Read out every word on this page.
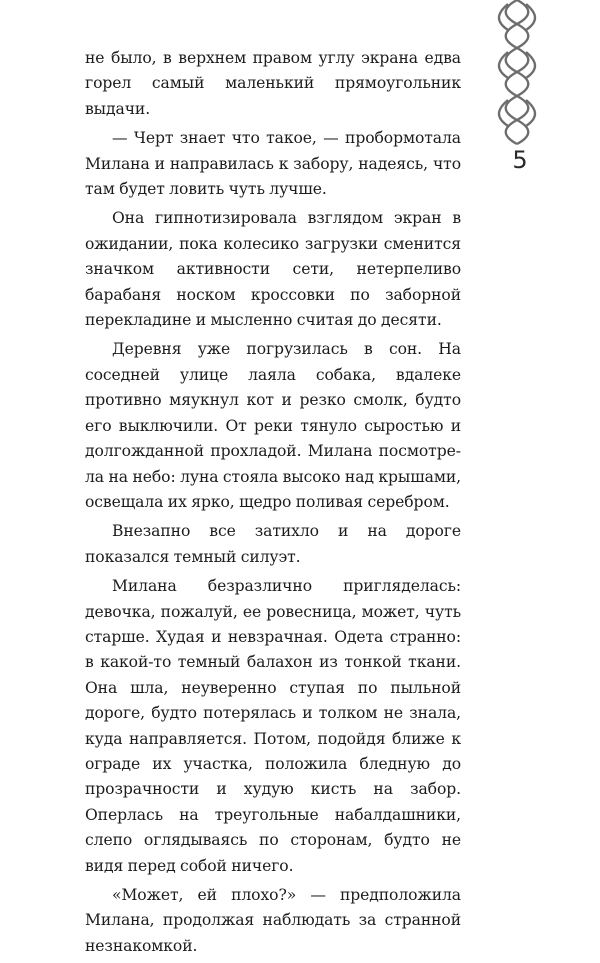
5

не было, в верхнем правом углу экрана едва горел самый маленький прямоугольник выдачи.

— Черт знает что такое, — пробормотала Милана и направилась к забору, надеясь, что там будет ловить чуть лучше.

Она гипнотизировала взглядом экран в ожидании, пока колесико загрузки сменится значком активности сети, нетерпеливо барабаня носком кроссовки по заборной перекладине и мысленно считая до десяти.

Деревня уже погрузилась в сон. На соседней улице лаяла собака, вдалеке противно мяукнул кот и резко смолк, будто его выключили. От реки тянуло сыростью и долгожданной прохладой. Милана посмотрела на небо: луна стояла высоко над крышами, освещала их ярко, щедро поливая серебром.

Внезапно все затихло и на дороге показался темный силуэт.

Милана безразлично пригляделась: девочка, пожалуй, ее ровесница, может, чуть старше. Худая и невзрачная. Одета странно: в какой-то темный балахон из тонкой ткани. Она шла, неуверенно ступая по пыльной дороге, будто потерялась и толком не знала, куда направляется. Потом, подойдя ближе к ограде их участка, положила бледную до прозрачности и худую кисть на забор. Оперлась на треугольные набалдашники, слепо оглядываясь по сторонам, будто не видя перед собой ничего.

«Может, ей плохо?» — предположила Милана, продолжая наблюдать за странной незнакомкой.
